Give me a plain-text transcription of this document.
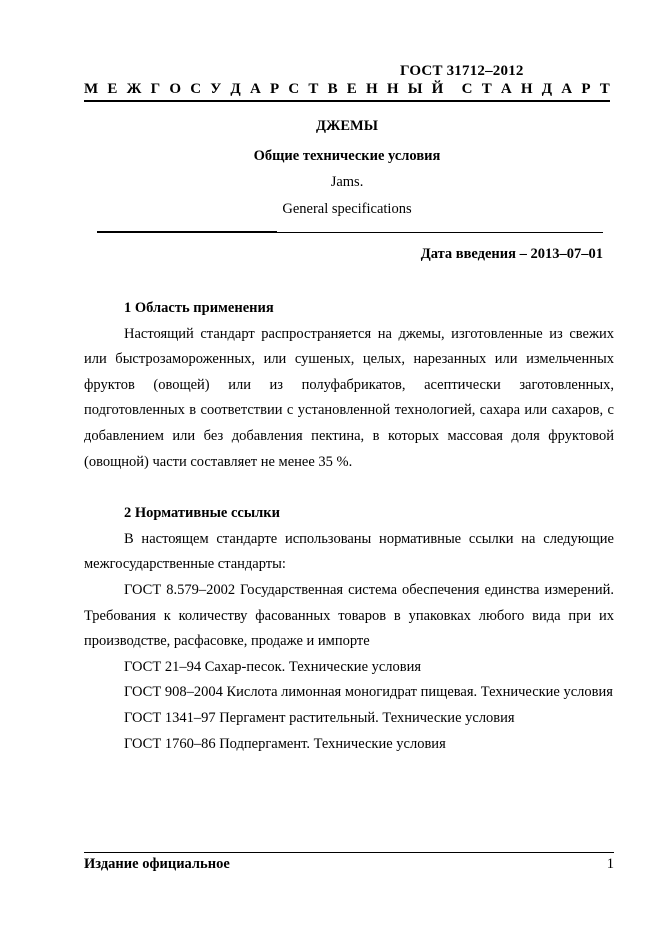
ГОСТ 31712–2012
М Е Ж Г О С У Д А Р С Т В Е Н Н Ы Й С Т А Н Д А Р Т
ДЖЕМЫ
Общие технические условия
Jams.
General specifications
Дата введения – 2013–07–01

1 Область применения

Настоящий стандарт распространяется на джемы, изготовленные из свежих или быстрозамороженных, или сушеных, целых, нарезанных или измельченных фруктов (овощей) или из полуфабрикатов, асептически заготовленных, подготовленных в соответствии с установленной технологией, сахара или сахаров, с добавлением или без добавления пектина, в которых массовая доля фруктовой (овощной) части составляет не менее 35 %.

2 Нормативные ссылки

В настоящем стандарте использованы нормативные ссылки на следующие межгосударственные стандарты:

ГОСТ 8.579–2002 Государственная система обеспечения единства измерений. Требования к количеству фасованных товаров в упаковках любого вида при их производстве, расфасовке, продаже и импорте

ГОСТ 21–94 Сахар-песок. Технические условия

ГОСТ 908–2004 Кислота лимонная моногидрат пищевая. Технические условия

ГОСТ 1341–97 Пергамент растительный. Технические условия

ГОСТ 1760–86 Подпергамент. Технические условия

Издание официальное	1
